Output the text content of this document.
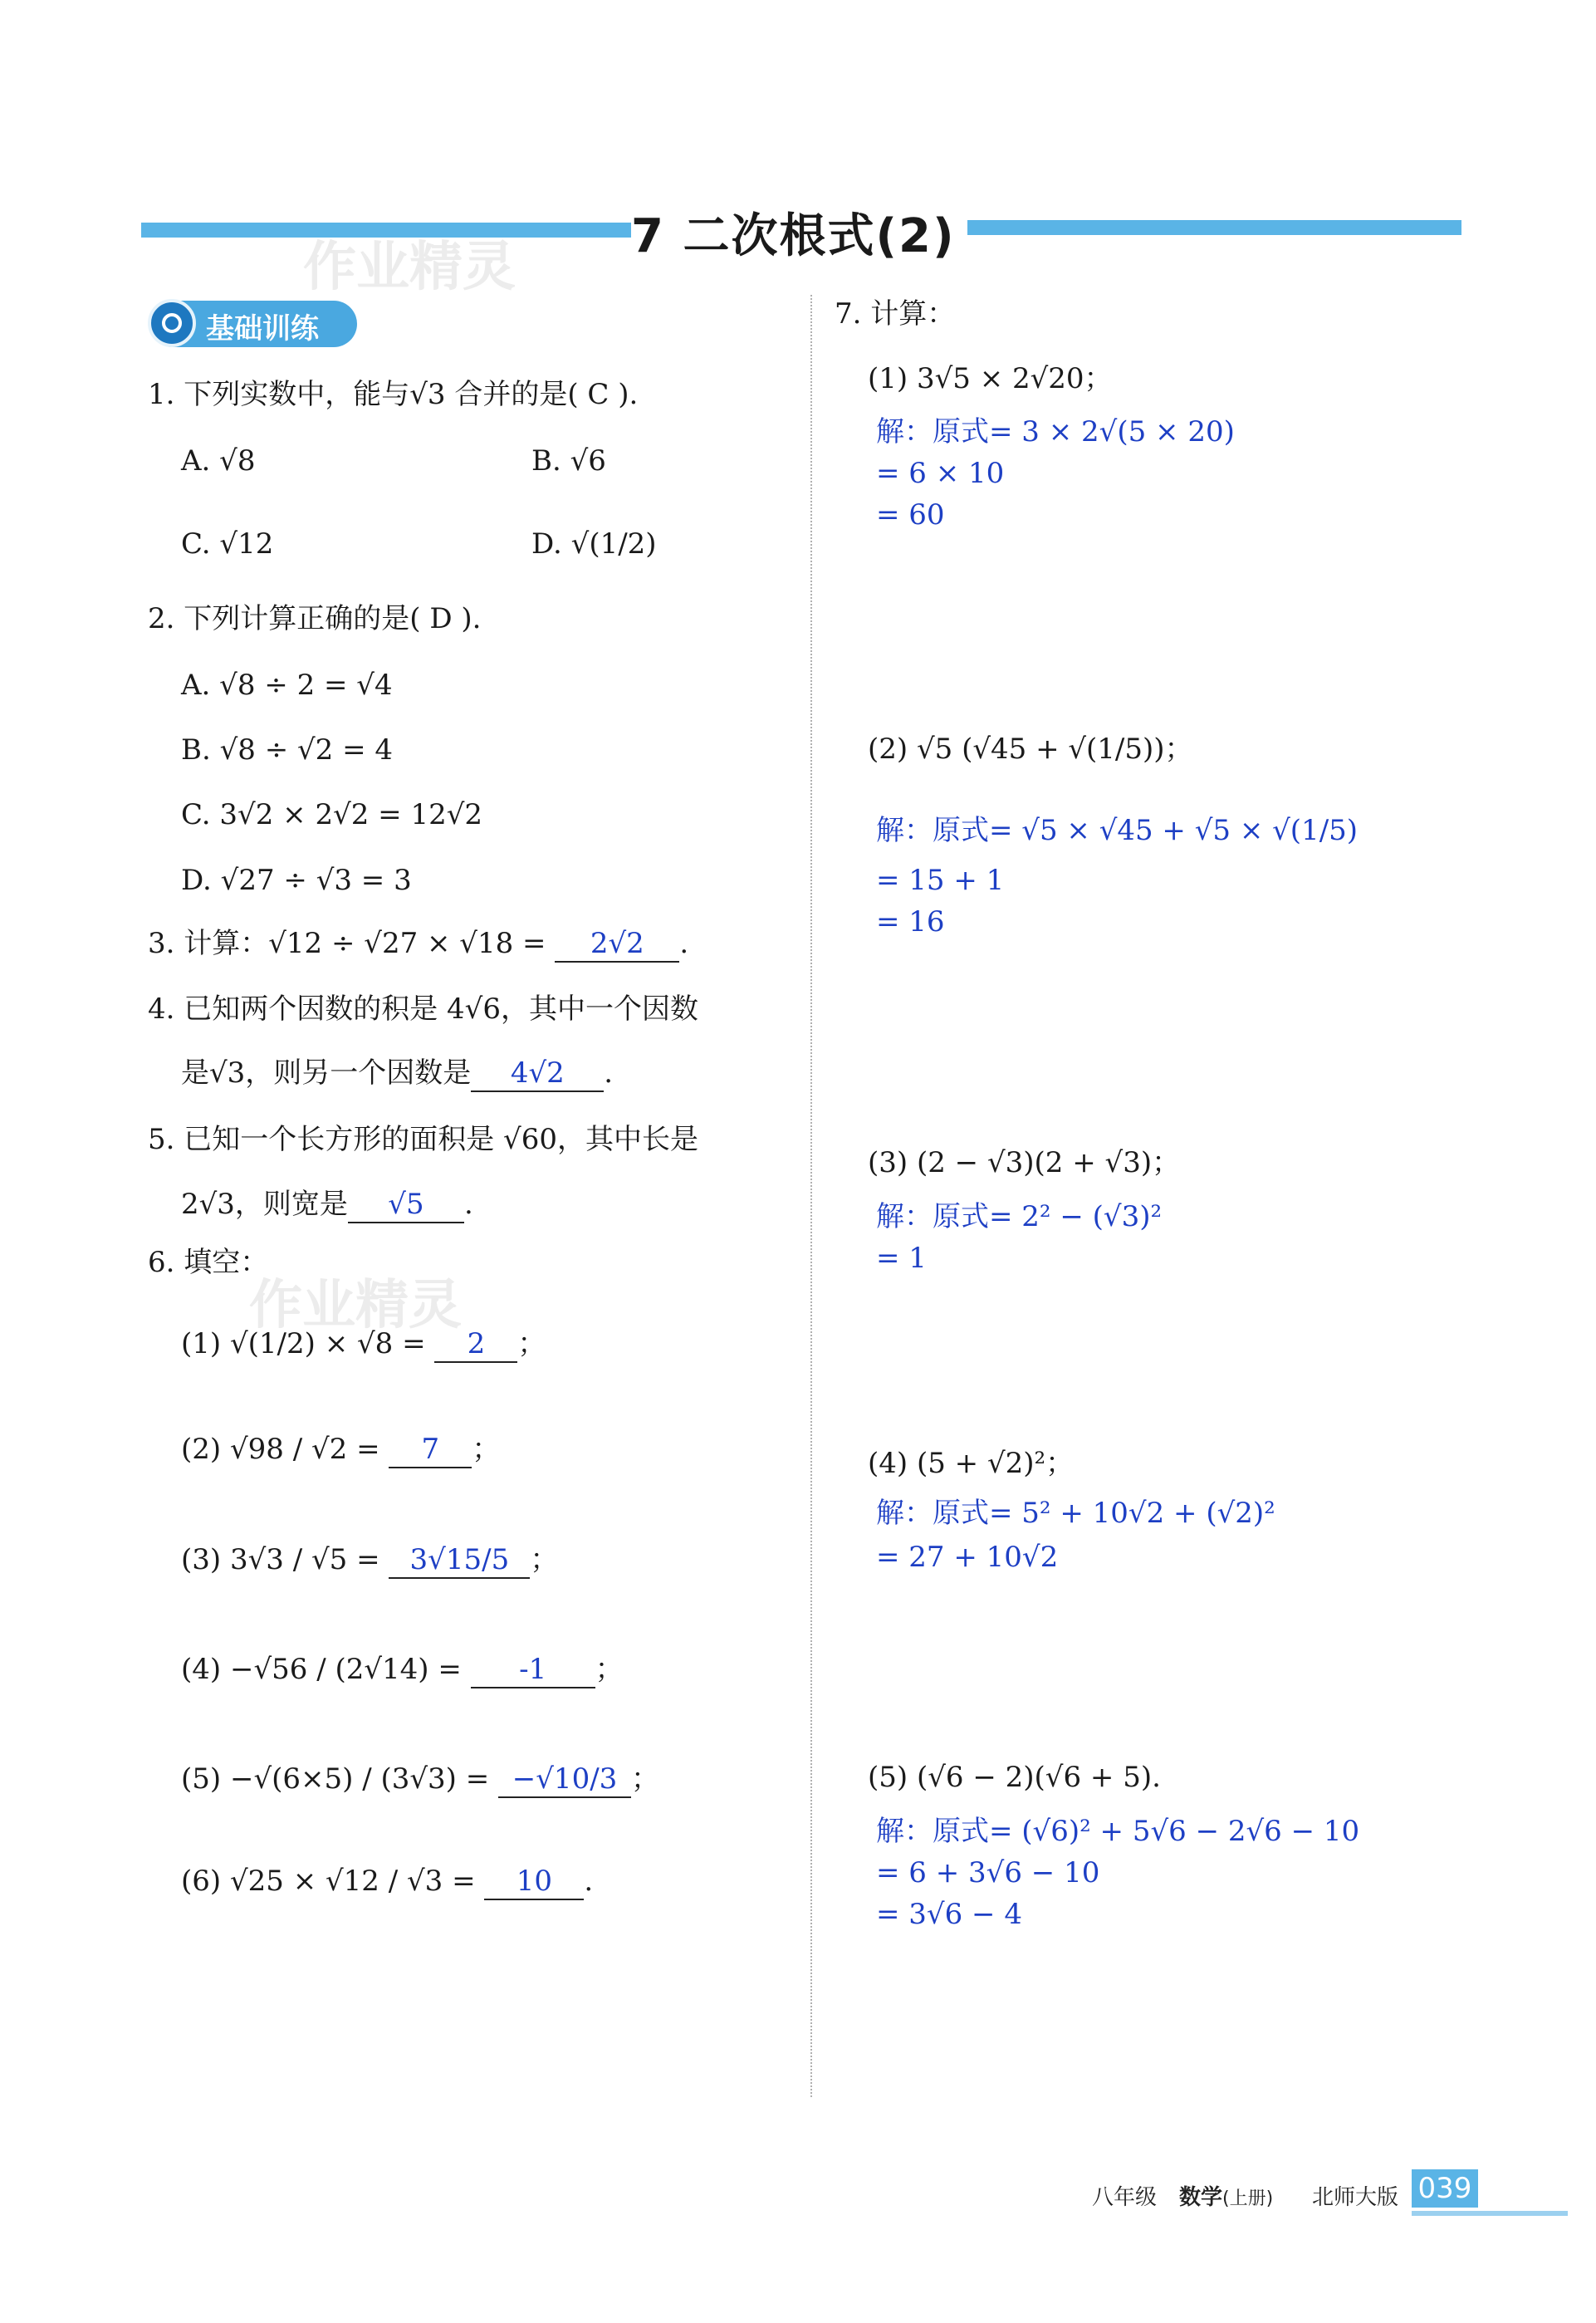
7 二次根式(2)
作业精灵
作业精灵
基础训练
1. 下列实数中，能与√3 合并的是( C ).
A. √8	B. √6
C. √12	D. √(1/2)
2. 下列计算正确的是( D ).
A. √8 ÷ 2 = √4
B. √8 ÷ √2 = 4
C. 3√2 × 2√2 = 12√2
D. √27 ÷ √3 = 3
3. 计算：√12 ÷ √27 × √18 = 2√2 .
4. 已知两个因数的积是 4√6，其中一个因数
是√3，则另一个因数是 4√2 .
5. 已知一个长方形的面积是 √60，其中长是
2√3，则宽是 √5 .
6. 填空：
(1) √(1/2) × √8 = 2 ；
(2) √98 / √2 = 7 ；
(3) 3√3 / √5 = 3√15/5 ；
(4) −√56 / (2√14) = -1 ；
(5) −√(6×5) / (3√3) = −√10/3 ；
(6) √25 × √12 / √3 = 10 .
7. 计算：
(1) 3√5 × 2√20；
解：原式= 3 × 2√(5 × 20)
= 6 × 10
= 60
(2) √5 (√45 + √(1/5))；
解：原式= √5 × √45 + √5 × √(1/5)
= 15 + 1
= 16
(3) (2 − √3)(2 + √3)；
解：原式= 2² − (√3)²
= 1
(4) (5 + √2)²；
解：原式= 5² + 10√2 + (√2)²
= 27 + 10√2
(5) (√6 − 2)(√6 + 5).
解：原式= (√6)² + 5√6 − 2√6 − 10
= 6 + 3√6 − 10
= 3√6 − 4
八年级 数学(上册) 北师大版 039
